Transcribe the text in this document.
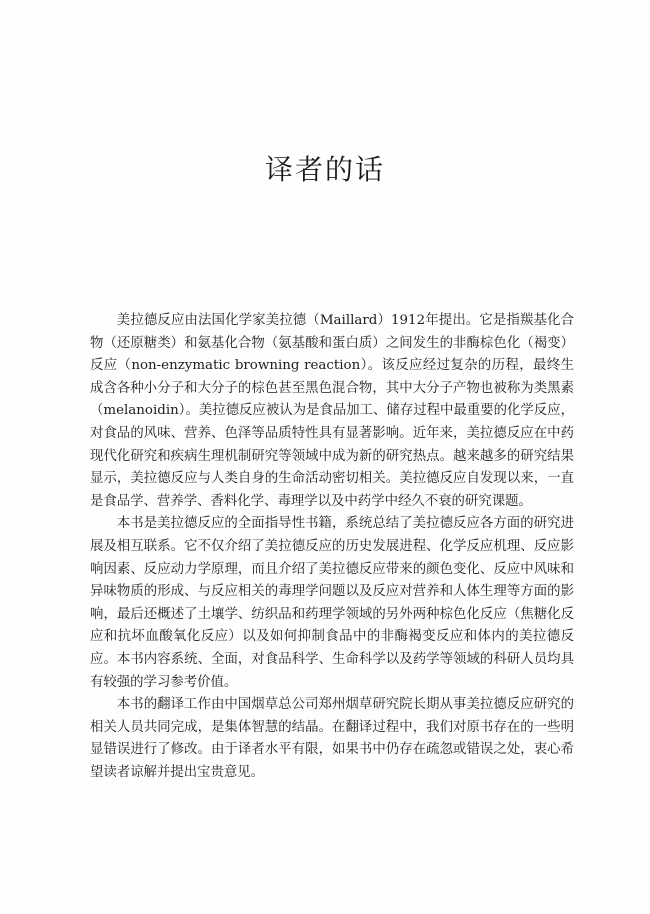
译者的话

美拉德反应由法国化学家美拉德（Maillard）1912年提出。它是指羰基化合物（还原糖类）和氨基化合物（氨基酸和蛋白质）之间发生的非酶棕色化（褐变）反应（non-enzymatic browning reaction）。该反应经过复杂的历程，最终生成含各种小分子和大分子的棕色甚至黑色混合物，其中大分子产物也被称为类黑素（melanoidin）。美拉德反应被认为是食品加工、储存过程中最重要的化学反应，对食品的风味、营养、色泽等品质特性具有显著影响。近年来，美拉德反应在中药现代化研究和疾病生理机制研究等领域中成为新的研究热点。越来越多的研究结果显示，美拉德反应与人类自身的生命活动密切相关。美拉德反应自发现以来，一直是食品学、营养学、香料化学、毒理学以及中药学中经久不衰的研究课题。

本书是美拉德反应的全面指导性书籍，系统总结了美拉德反应各方面的研究进展及相互联系。它不仅介绍了美拉德反应的历史发展进程、化学反应机理、反应影响因素、反应动力学原理，而且介绍了美拉德反应带来的颜色变化、反应中风味和异味物质的形成、与反应相关的毒理学问题以及反应对营养和人体生理等方面的影响，最后还概述了土壤学、纺织品和药理学领域的另外两种棕色化反应（焦糖化反应和抗坏血酸氧化反应）以及如何抑制食品中的非酶褐变反应和体内的美拉德反应。本书内容系统、全面，对食品科学、生命科学以及药学等领域的科研人员均具有较强的学习参考价值。

本书的翻译工作由中国烟草总公司郑州烟草研究院长期从事美拉德反应研究的相关人员共同完成，是集体智慧的结晶。在翻译过程中，我们对原书存在的一些明显错误进行了修改。由于译者水平有限，如果书中仍存在疏忽或错误之处，衷心希望读者谅解并提出宝贵意见。
